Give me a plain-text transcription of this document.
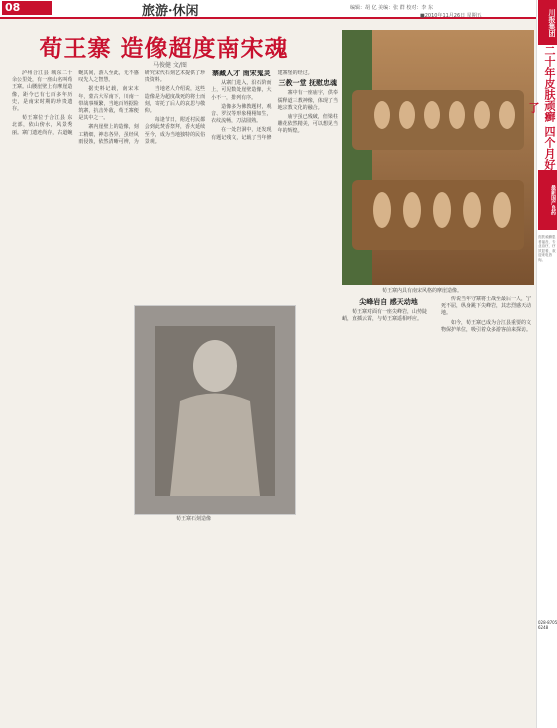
08	旅游·休闲	编辑：胡 亿 美编：张 群 校对：李 东
■2010年11月26日 星期五
荀王寨 造像超度南宋魂
马俊健 文/图

泸州合江县 城东二十余公里处，有一座山名叫荀王寨。山腰崖壁上有摩崖造像，距今已有七百多年历史，是南宋时期的珍贵遗存。

荀王寨位于合江县 东北部，依山傍水，风景秀丽。寨门遗迹尚存，古道蜿蜒其间，游人至此，无不感叹先人之智慧。

据史料记载，南宋末年，蒙古大军南下，川南一带战事频繁，当地百姓据险筑寨，抗击外敌，荀王寨便是其中之一。

寨内崖壁上的造像，刻工精细，神态各异，虽经风雨侵蚀，依然清晰可辨，为研究宋代石刻艺术提供了珍贵资料。

当地老人介绍说，这些造像是为超度战死的将士而刻，寄托了后人的哀思与敬仰。

每逢节日，附近村民都会到此焚香祭拜，香火延续至今，成为当地独特的民俗景观。

寨藏人才 南宋鬼灵

从寨门进入，沿石阶而上，可见数处崖壁造像，大小不一，排列有序。

造像多为佛教题材，观音、罗汉等形象栩栩如生，衣纹流畅，刀法圆熟。

在一处岩洞中，还发现有题记残文，记载了当年修建寨堡的经过。

三教一堂 抚慰忠魂

寨中有一座庙宇，供奉儒释道三教神像，体现了当地宗教文化的融合。

庙宇虽已残破，但梁柱雕花依然精美，可以想见当年的辉煌。

荀王寨内具有南宋风格的摩崖造像。
荀王寨石刻造像
尖峰岩自 感天动地

荀王寨对面有一座尖峰岩，山势陡峭，直插云霄，与荀王寨遥相呼应。

传说当年守寨将士战至最后一人，宁死不屈，纵身跳下尖峰岩，其忠烈感天动地。

如今，荀王寨已成为合江县重要的文物保护单位，吸引着众多游客前来探访。

川报集团
二十年皮肤顽癣 四个月好了
最新国产良药
皮肤顽癣患者福音，专业治疗，疗效显著，欢迎来电咨询。
028-87056248
